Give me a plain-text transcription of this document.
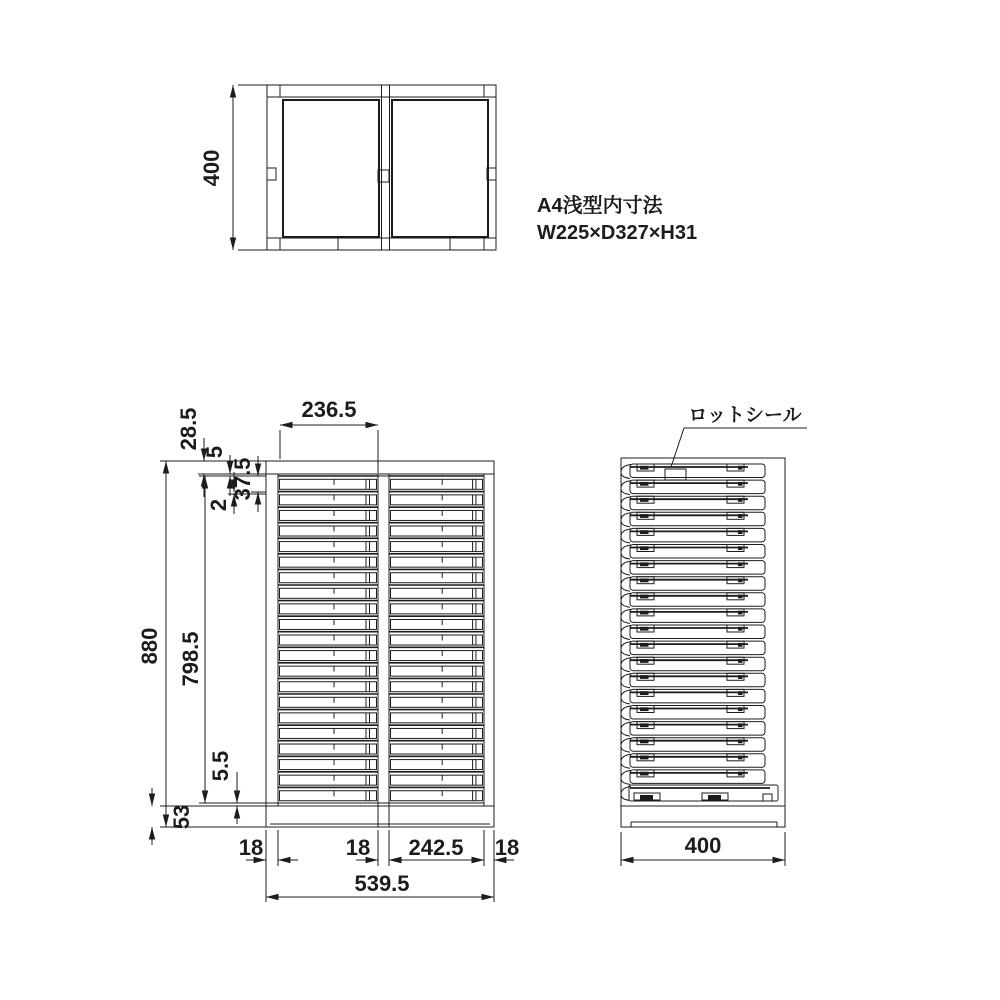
400
236.5
28.5
5
37.5
2
880 798.5
5.5
53
18	18 242.5 18
539.5
ロットシール
400
A4浅型内寸法
W225×D327×H31
